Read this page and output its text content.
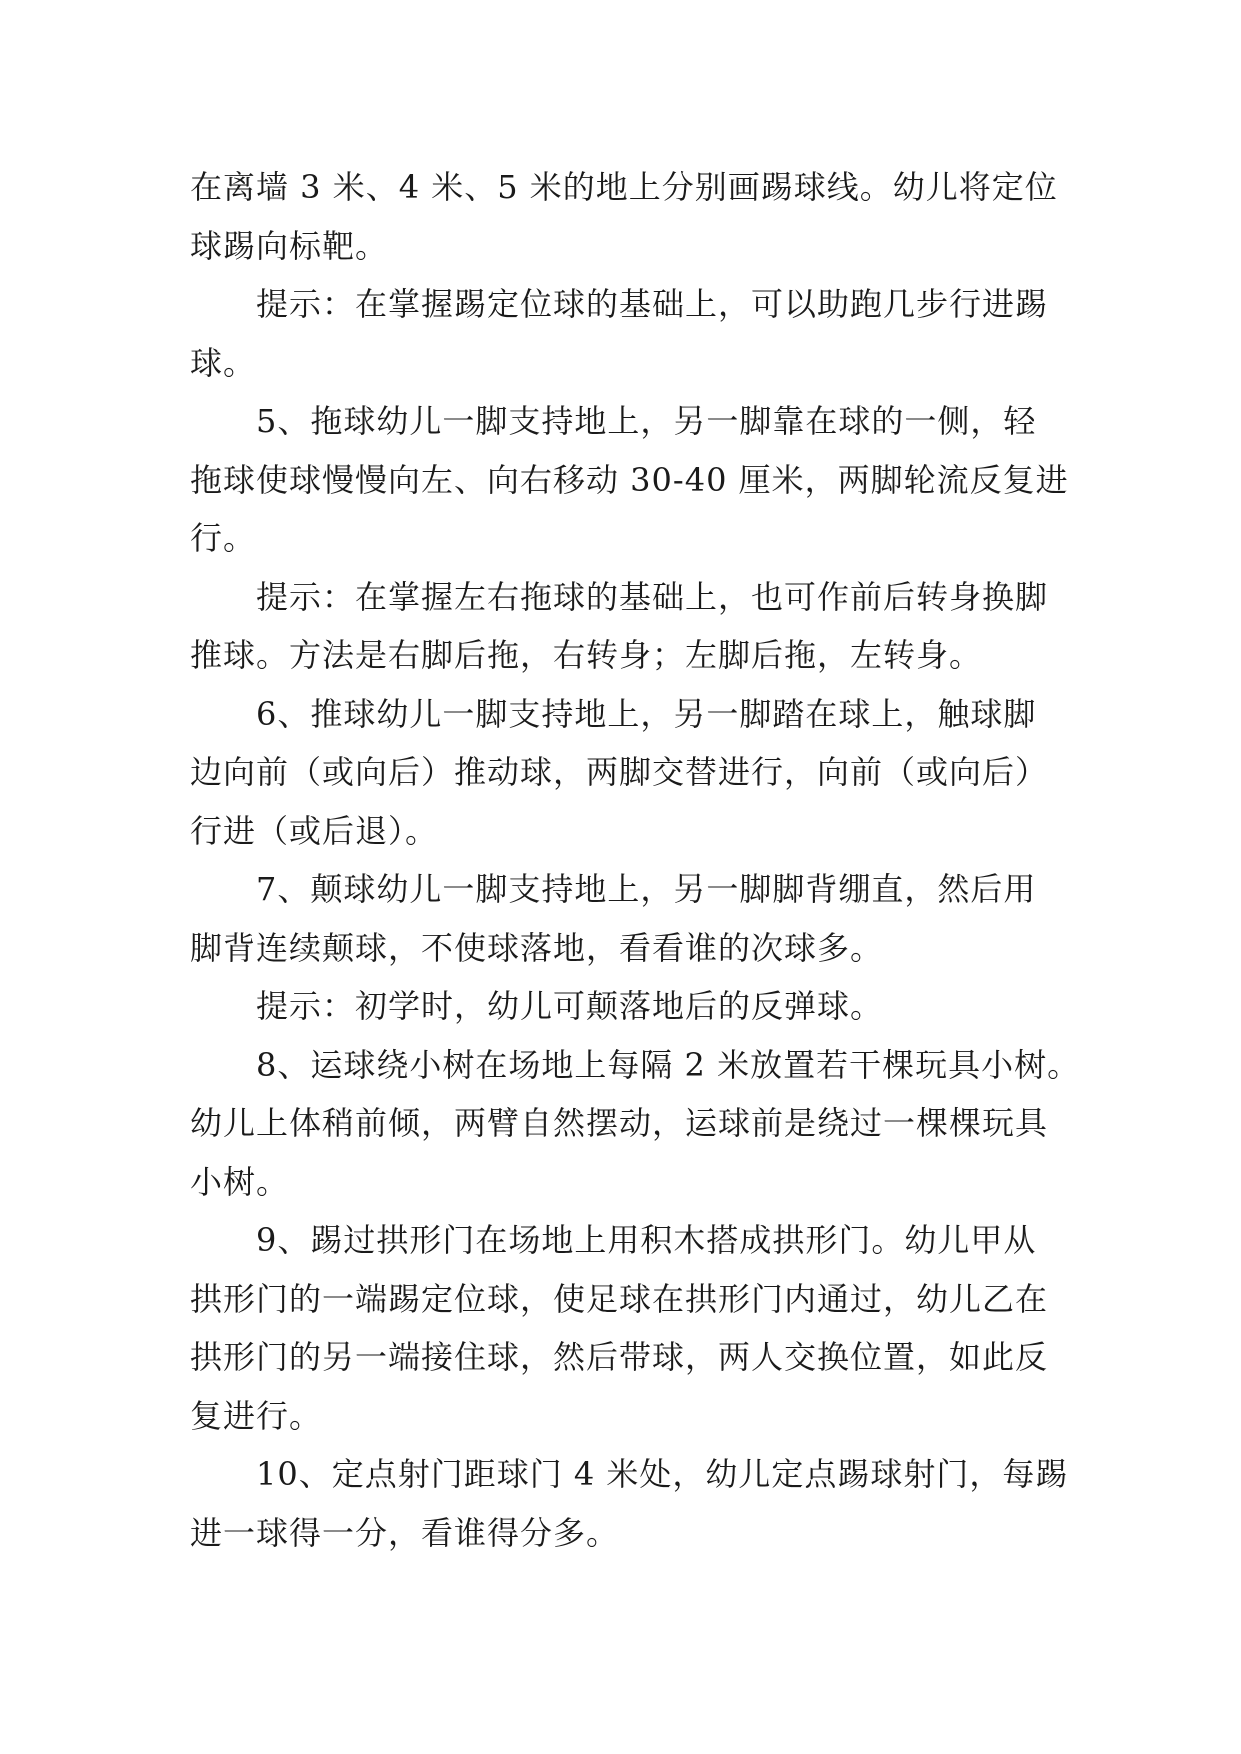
在离墙 3 米、4 米、5 米的地上分别画踢球线。幼儿将定位
球踢向标靶。

提示：在掌握踢定位球的基础上，可以助跑几步行进踢
球。

5、拖球幼儿一脚支持地上，另一脚靠在球的一侧，轻
拖球使球慢慢向左、向右移动 30-40 厘米，两脚轮流反复进
行。

提示：在掌握左右拖球的基础上，也可作前后转身换脚
推球。方法是右脚后拖，右转身；左脚后拖，左转身。

6、推球幼儿一脚支持地上，另一脚踏在球上，触球脚
边向前（或向后）推动球，两脚交替进行，向前（或向后）
行进（或后退）。

7、颠球幼儿一脚支持地上，另一脚脚背绷直，然后用
脚背连续颠球，不使球落地，看看谁的次球多。

提示：初学时，幼儿可颠落地后的反弹球。

8、运球绕小树在场地上每隔 2 米放置若干棵玩具小树。
幼儿上体稍前倾，两臂自然摆动，运球前是绕过一棵棵玩具
小树。

9、踢过拱形门在场地上用积木搭成拱形门。幼儿甲从
拱形门的一端踢定位球，使足球在拱形门内通过，幼儿乙在
拱形门的另一端接住球，然后带球，两人交换位置，如此反
复进行。

10、定点射门距球门 4 米处，幼儿定点踢球射门，每踢
进一球得一分，看谁得分多。
